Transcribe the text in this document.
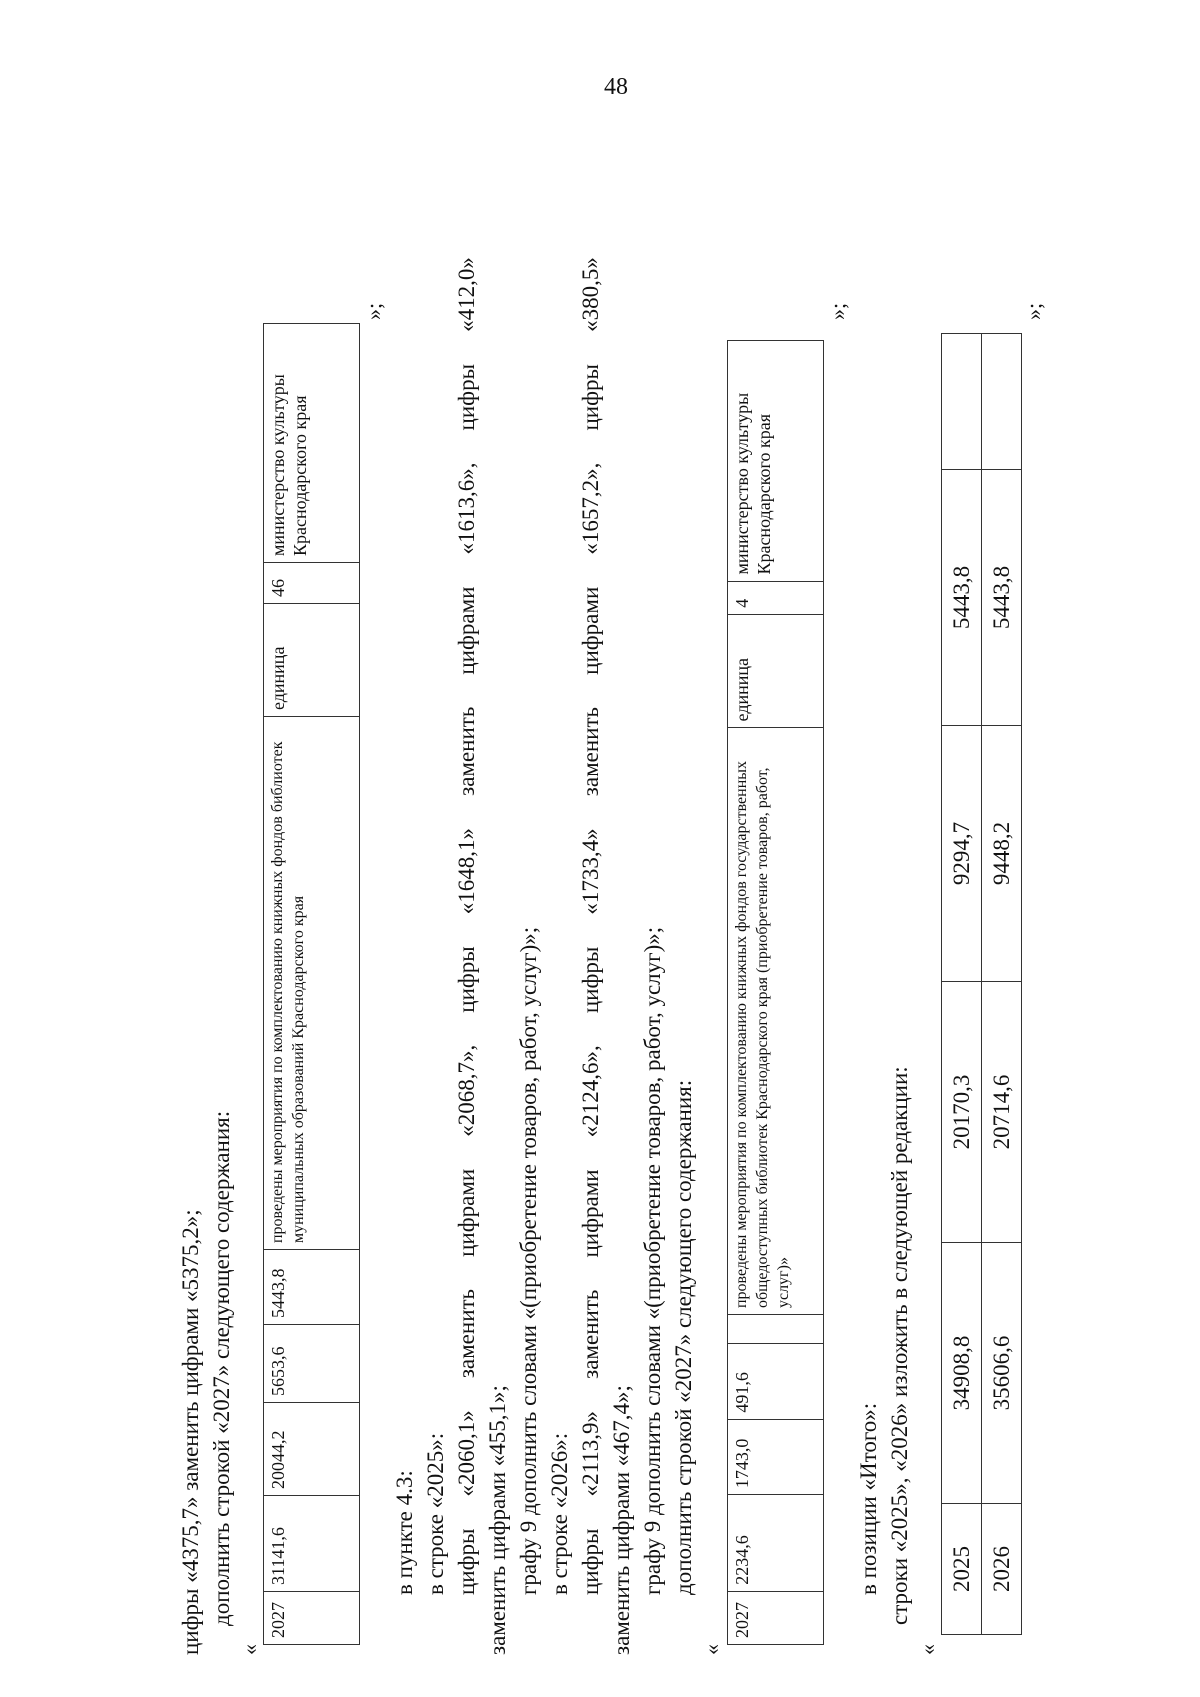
48
цифры «4375,7» заменить цифрами «5375,2»; дополнить строкой «2027» следующего содержания:
«
2027	31141,6	20044,2	5653,6	5443,8	проведены мероприятия по комплектованию книжных фондов библиотек муниципальных образований Краснодарского края	единица	46	министерство культуры Краснодарского края
»;
в пункте 4.3: в строке «2025»: цифры
«2060,1»
заменить
цифрами
«2068,7»,
цифры
«1648,1»
заменить
цифрами
«1613,6»,
цифры
«412,0»
заменить цифрами «455,1»; графу 9 дополнить словами «(приобретение товаров, работ, услуг)»; в строке «2026»: цифры
«2113,9»
заменить
цифрами
«2124,6»,
цифры
«1733,4»
заменить
цифрами
«1657,2»,
цифры
«380,5»
заменить цифрами «467,4»; графу 9 дополнить словами «(приобретение товаров, работ, услуг)»; дополнить строкой «2027» следующего содержания:
«
2027	2234,6	1743,0	491,6		проведены мероприятия по комплектованию книжных фондов государственных общедоступных библиотек Краснодарского края (приобретение товаров, работ, услуг)»	единица	4	министерство культуры Краснодарского края
»;
в позиции «Итого»: строки «2025», «2026» изложить в следующей редакции:
«
2025	34908,8	20170,3	9294,7	5443,8	
2026	35606,6	20714,6	9448,2	5443,8	
»;
